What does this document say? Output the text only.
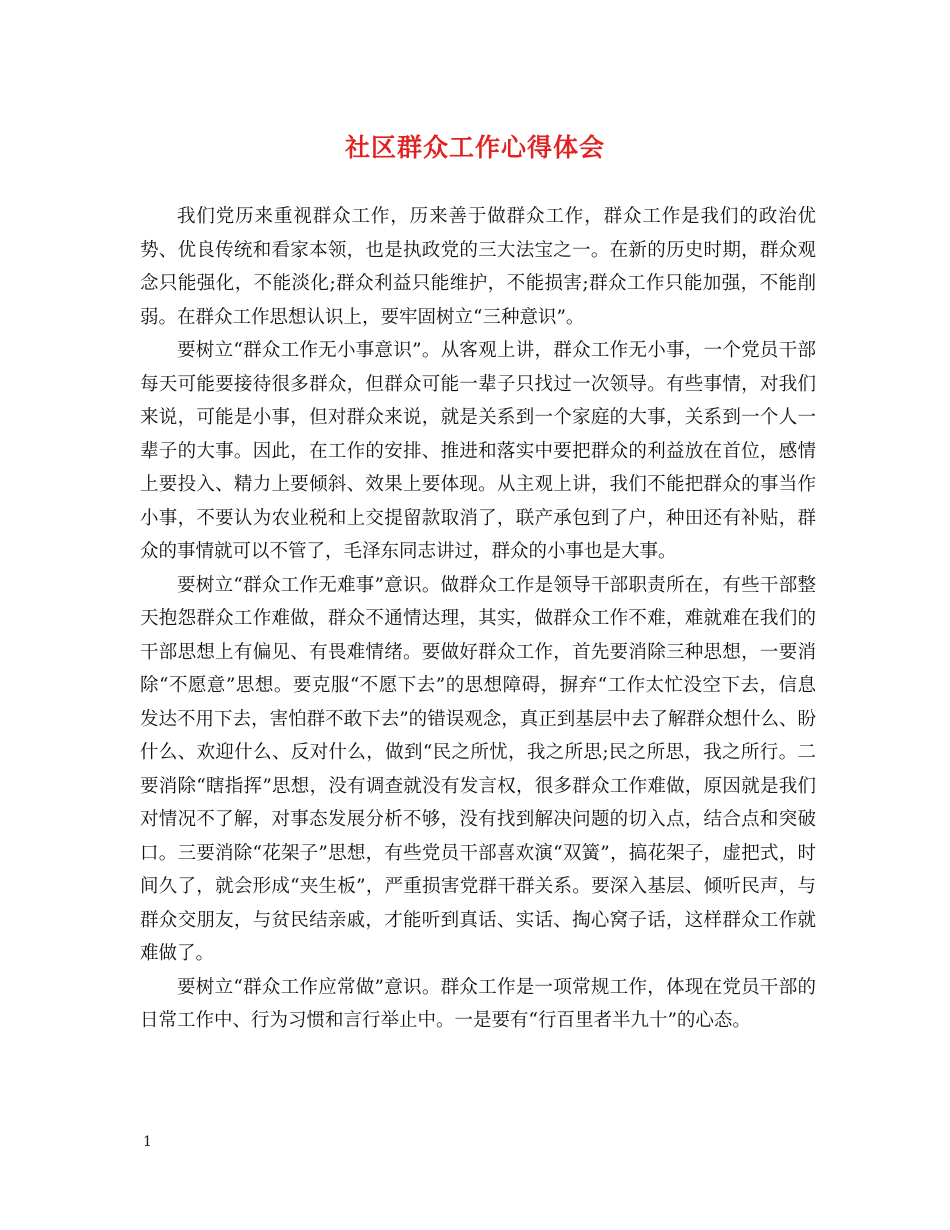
社区群众工作心得体会

我们党历来重视群众工作，历来善于做群众工作，群众工作是我们的政治优势、优良传统和看家本领，也是执政党的三大法宝之一。在新的历史时期，群众观念只能强化，不能淡化;群众利益只能维护，不能损害;群众工作只能加强，不能削弱。在群众工作思想认识上，要牢固树立“三种意识”。

要树立“群众工作无小事意识”。从客观上讲，群众工作无小事，一个党员干部每天可能要接待很多群众，但群众可能一辈子只找过一次领导。有些事情，对我们来说，可能是小事，但对群众来说，就是关系到一个家庭的大事，关系到一个人一辈子的大事。因此，在工作的安排、推进和落实中要把群众的利益放在首位，感情上要投入、精力上要倾斜、效果上要体现。从主观上讲，我们不能把群众的事当作小事，不要认为农业税和上交提留款取消了，联产承包到了户，种田还有补贴，群众的事情就可以不管了，毛泽东同志讲过，群众的小事也是大事。

要树立“群众工作无难事”意识。做群众工作是领导干部职责所在，有些干部整天抱怨群众工作难做，群众不通情达理，其实，做群众工作不难，难就难在我们的干部思想上有偏见、有畏难情绪。要做好群众工作，首先要消除三种思想，一要消除“不愿意”思想。要克服“不愿下去”的思想障碍，摒弃“工作太忙没空下去，信息发达不用下去，害怕群不敢下去”的错误观念，真正到基层中去了解群众想什么、盼什么、欢迎什么、反对什么，做到“民之所忧，我之所思;民之所思，我之所行。二要消除“瞎指挥”思想，没有调查就没有发言权，很多群众工作难做，原因就是我们对情况不了解，对事态发展分析不够，没有找到解决问题的切入点，结合点和突破口。三要消除“花架子”思想，有些党员干部喜欢演“双簧”，搞花架子，虚把式，时间久了，就会形成“夹生板”，严重损害党群干群关系。要深入基层、倾听民声，与群众交朋友，与贫民结亲戚，才能听到真话、实话、掏心窝子话，这样群众工作就难做了。

要树立“群众工作应常做”意识。群众工作是一项常规工作，体现在党员干部的日常工作中、行为习惯和言行举止中。一是要有“行百里者半九十”的心态。

1
